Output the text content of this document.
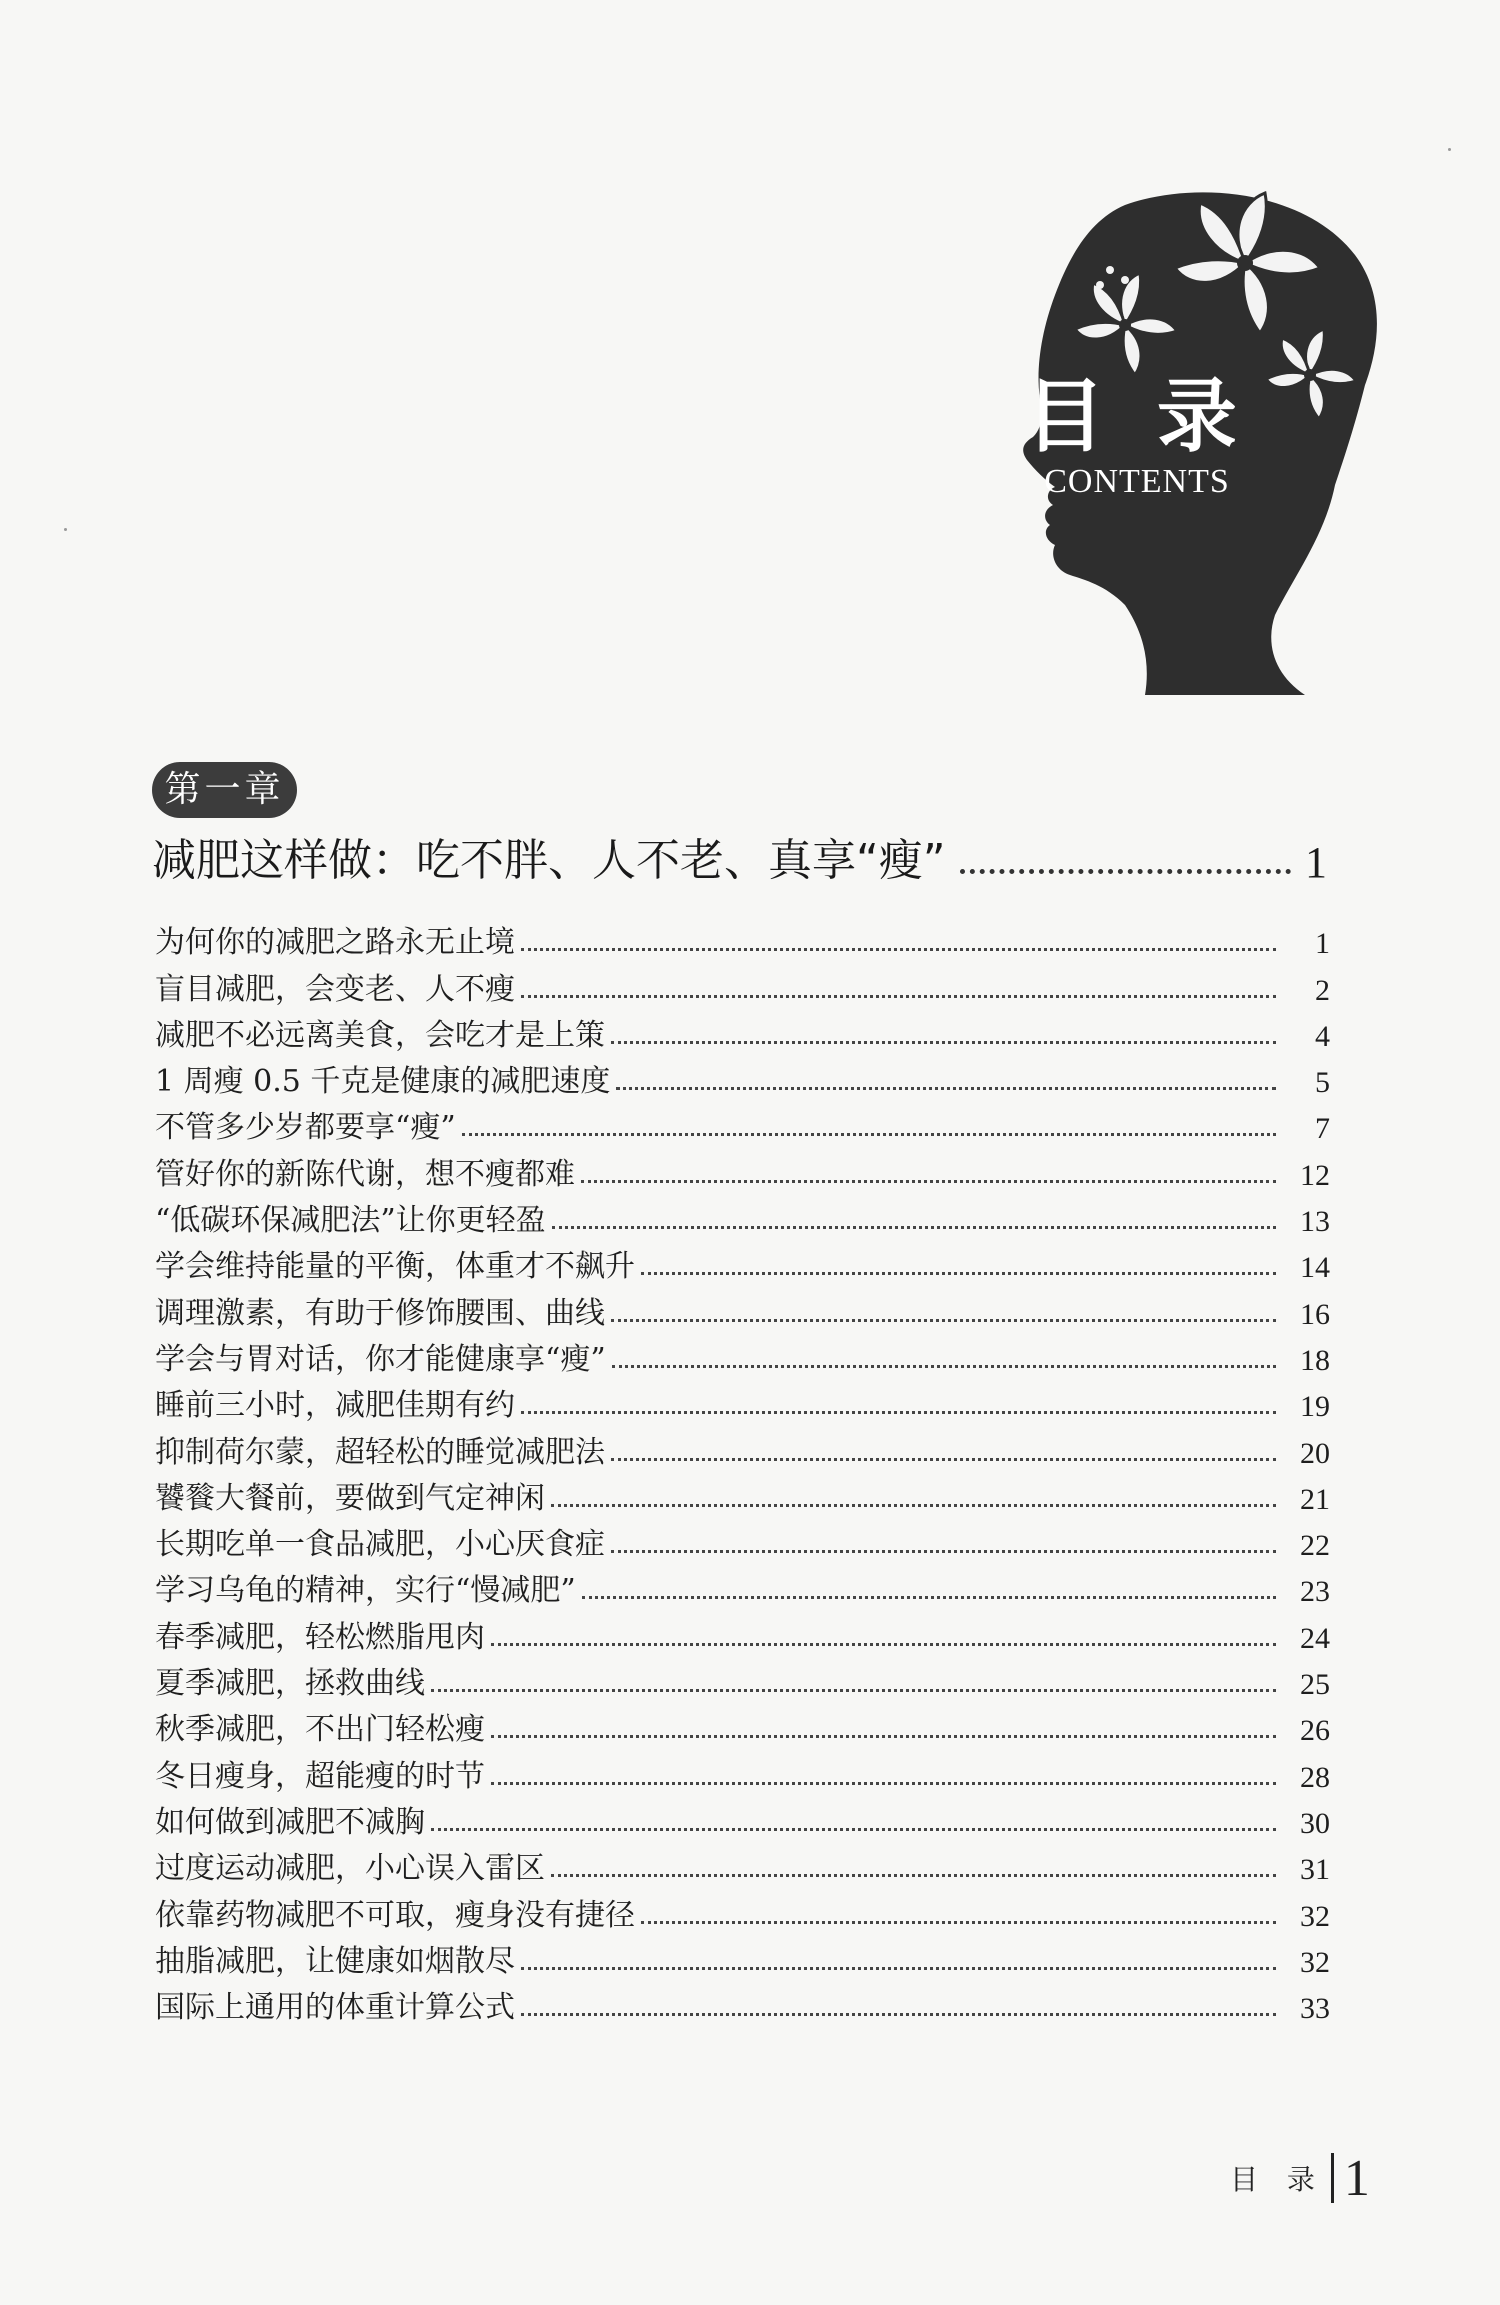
目 录
CONTENTS
第一章
减肥这样做：吃不胖、人不老、真享“瘦”	1
为何你的减肥之路永无止境	1
盲目减肥，会变老、人不瘦	2
减肥不必远离美食，会吃才是上策	4
1 周瘦 0.5 千克是健康的减肥速度	5
不管多少岁都要享“瘦”	7
管好你的新陈代谢，想不瘦都难	12
“低碳环保减肥法”让你更轻盈	13
学会维持能量的平衡，体重才不飙升	14
调理激素，有助于修饰腰围、曲线	16
学会与胃对话，你才能健康享“瘦”	18
睡前三小时，减肥佳期有约	19
抑制荷尔蒙，超轻松的睡觉减肥法	20
饕餮大餐前，要做到气定神闲	21
长期吃单一食品减肥，小心厌食症	22
学习乌龟的精神，实行“慢减肥”	23
春季减肥，轻松燃脂甩肉	24
夏季减肥，拯救曲线	25
秋季减肥，不出门轻松瘦	26
冬日瘦身，超能瘦的时节	28
如何做到减肥不减胸	30
过度运动减肥，小心误入雷区	31
依靠药物减肥不可取，瘦身没有捷径	32
抽脂减肥，让健康如烟散尽	32
国际上通用的体重计算公式	33
目 录 1
